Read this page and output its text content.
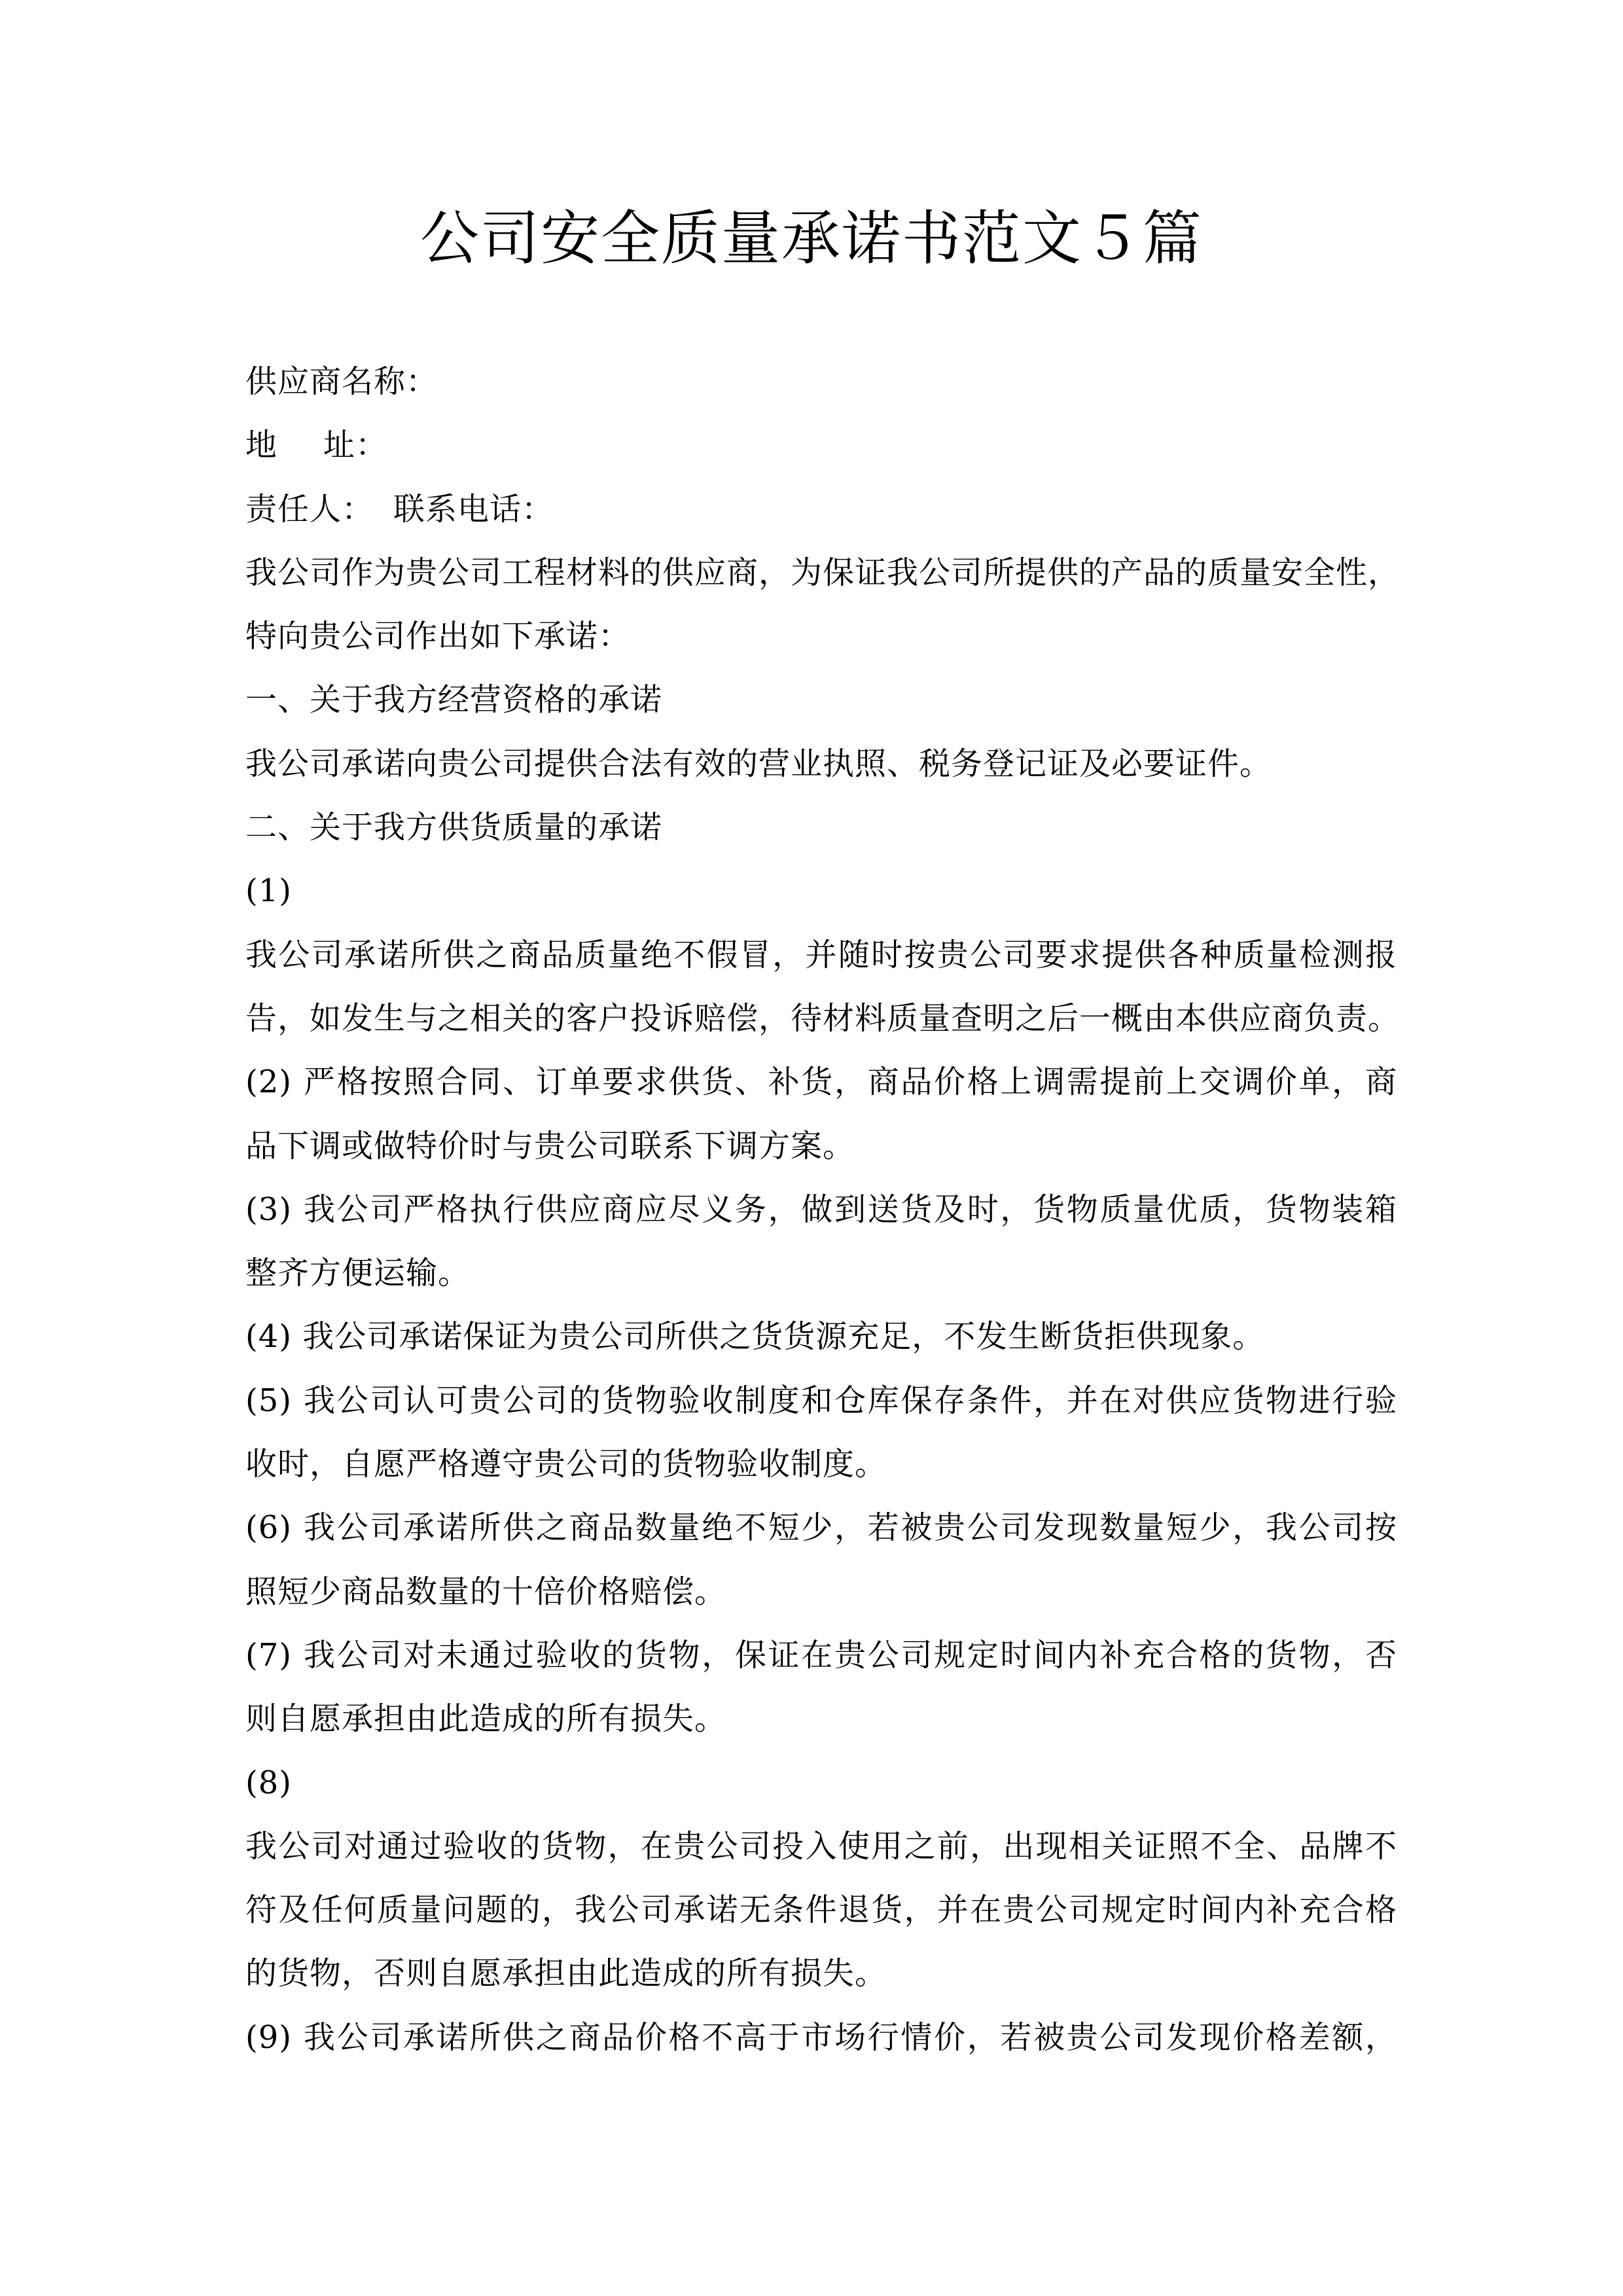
公司安全质量承诺书范文５篇
供应商名称：
地 址：
责任人： 联系电话：
我公司作为贵公司工程材料的供应商，为保证我公司所提供的产品的质量安全性，
特向贵公司作出如下承诺：
一、关于我方经营资格的承诺
我公司承诺向贵公司提供合法有效的营业执照、税务登记证及必要证件。
二、关于我方供货质量的承诺
(1)
我公司承诺所供之商品质量绝不假冒，并随时按贵公司要求提供各种质量检测报
告，如发生与之相关的客户投诉赔偿，待材料质量查明之后一概由本供应商负责。
(2) 严格按照合同、订单要求供货、补货，商品价格上调需提前上交调价单，商
品下调或做特价时与贵公司联系下调方案。
(3) 我公司严格执行供应商应尽义务，做到送货及时，货物质量优质，货物装箱
整齐方便运输。
(4) 我公司承诺保证为贵公司所供之货货源充足，不发生断货拒供现象。
(5) 我公司认可贵公司的货物验收制度和仓库保存条件，并在对供应货物进行验
收时，自愿严格遵守贵公司的货物验收制度。
(6) 我公司承诺所供之商品数量绝不短少，若被贵公司发现数量短少，我公司按
照短少商品数量的十倍价格赔偿。
(7) 我公司对未通过验收的货物，保证在贵公司规定时间内补充合格的货物，否
则自愿承担由此造成的所有损失。
(8)
我公司对通过验收的货物，在贵公司投入使用之前，出现相关证照不全、品牌不
符及任何质量问题的，我公司承诺无条件退货，并在贵公司规定时间内补充合格
的货物，否则自愿承担由此造成的所有损失。
(9) 我公司承诺所供之商品价格不高于市场行情价，若被贵公司发现价格差额，
